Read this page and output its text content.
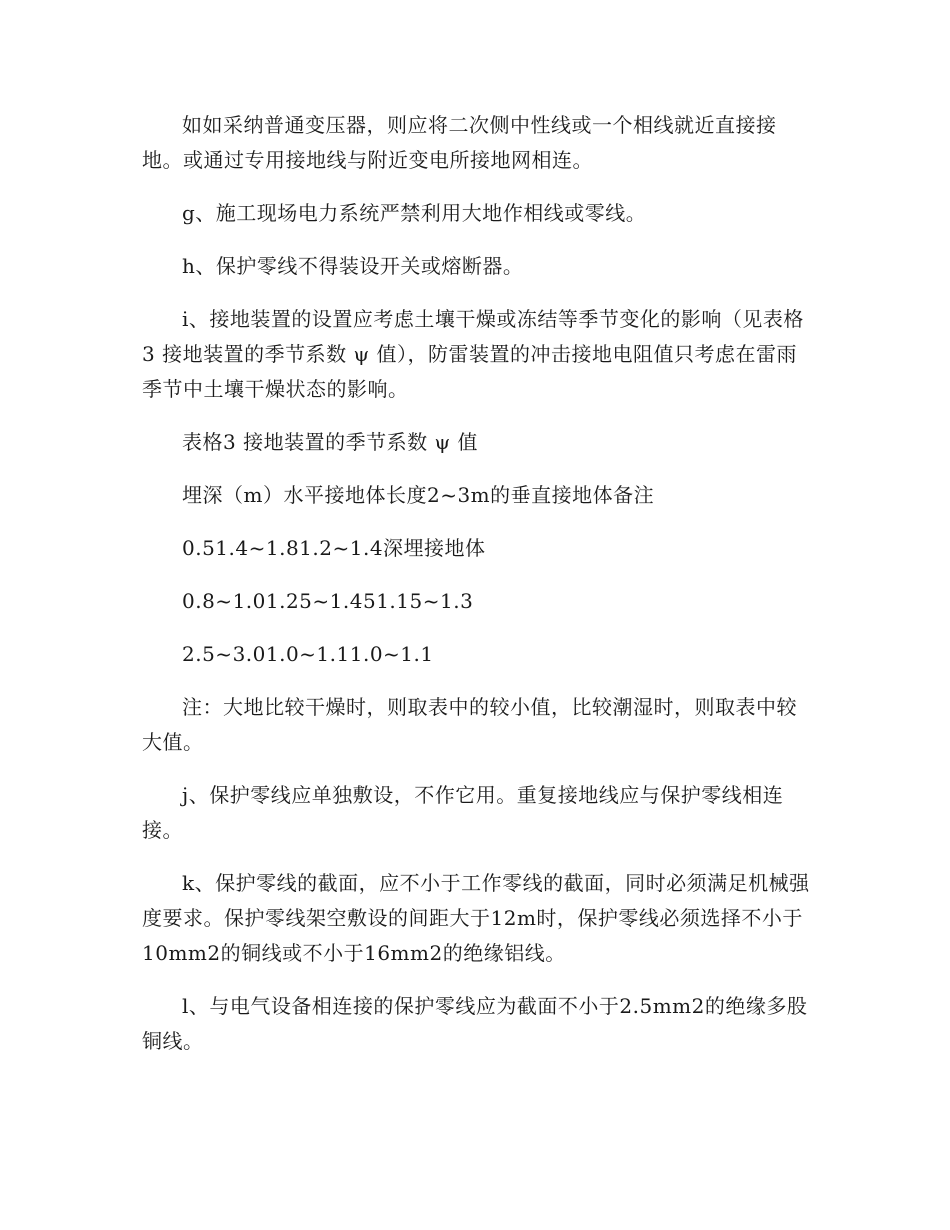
如如采纳普通变压器，则应将二次侧中性线或一个相线就近直接接地。或通过专用接地线与附近变电所接地网相连。

g、施工现场电力系统严禁利用大地作相线或零线。

h、保护零线不得装设开关或熔断器。

i、接地装置的设置应考虑土壤干燥或冻结等季节变化的影响（见表格3 接地装置的季节系数 ψ 值），防雷装置的冲击接地电阻值只考虑在雷雨季节中土壤干燥状态的影响。

表格3 接地装置的季节系数 ψ 值

埋深（m）水平接地体长度2~3m的垂直接地体备注

0.51.4~1.81.2~1.4深埋接地体

0.8~1.01.25~1.451.15~1.3

2.5~3.01.0~1.11.0~1.1

注：大地比较干燥时，则取表中的较小值，比较潮湿时，则取表中较大值。

j、保护零线应单独敷设，不作它用。重复接地线应与保护零线相连接。

k、保护零线的截面，应不小于工作零线的截面，同时必须满足机械强度要求。保护零线架空敷设的间距大于12m时，保护零线必须选择不小于10mm2的铜线或不小于16mm2的绝缘铝线。

l、与电气设备相连接的保护零线应为截面不小于2.5mm2的绝缘多股铜线。
